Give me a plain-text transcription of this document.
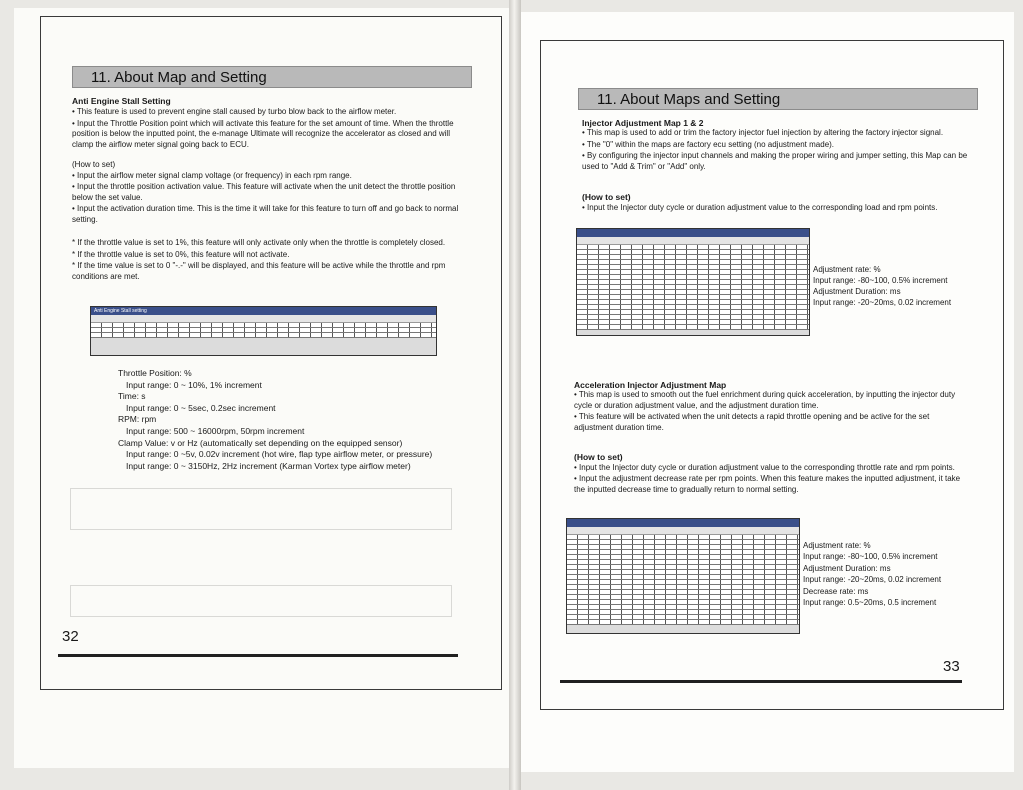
11. About Map and Setting
Anti Engine Stall Setting
• This feature is used to prevent engine stall caused by turbo blow back to the airflow meter.
• Input the Throttle Position point which will activate this feature for the set amount of time. When the throttle position is below the inputted point, the e-manage Ultimate will recognize the accelerator as closed and will clamp the airflow meter signal going back to ECU.
(How to set)
• Input the airflow meter signal clamp voltage (or frequency) in each rpm range.
• Input the throttle position activation value. This feature will activate when the unit detect the throttle position below the set value.
• Input the activation duration time. This is the time it will take for this feature to turn off and go back to normal setting.
* If the throttle value is set to 1%, this feature will only activate only when the throttle is completely closed.
* If the throttle value is set to 0%, this feature will not activate.
* If the time value is set to 0 "-.-" will be displayed, and this feature will be active while the throttle and rpm conditions are met.
Anti Engine Stall setting
Throttle Position: %
Input range: 0 ~ 10%, 1% increment
Time: s
Input range: 0 ~ 5sec, 0.2sec increment
RPM: rpm
Input range: 500 ~ 16000rpm, 50rpm increment
Clamp Value: v or Hz (automatically set depending on the equipped sensor)
Input range: 0 ~5v, 0.02v increment (hot wire, flap type airflow meter, or pressure)
Input range: 0 ~ 3150Hz, 2Hz increment (Karman Vortex type airflow meter)
32
11. About Maps and Setting
Injector Adjustment Map 1 & 2
• This map is used to add or trim the factory injector fuel injection by altering the factory injector signal.
• The "0" within the maps are factory ecu setting (no adjustment made).
• By configuring the injector input channels and making the proper wiring and jumper setting, this Map can be used to "Add & Trim" or "Add" only.
(How to set)
• Input the Injector duty cycle or duration adjustment value to the corresponding load and rpm points.
Adjustment rate: %
Input range: -80~100, 0.5% increment
Adjustment Duration: ms
Input range: -20~20ms, 0.02 increment
Acceleration Injector Adjustment Map
• This map is used to smooth out the fuel enrichment during quick acceleration, by inputting the injector duty cycle or duration adjustment value, and the adjustment duration time.
• This feature will be activated when the unit detects a rapid throttle opening and be active for the set adjustment duration time.
(How to set)
• Input the Injector duty cycle or duration adjustment value to the corresponding throttle rate and rpm points.
• Input the adjustment decrease rate per rpm points. When this feature makes the inputted adjustment, it take the inputted decrease time to gradually return to normal setting.
Adjustment rate: %
Input range: -80~100, 0.5% increment
Adjustment Duration: ms
Input range: -20~20ms, 0.02 increment
Decrease rate: ms
Input range: 0.5~20ms, 0.5 increment
33
